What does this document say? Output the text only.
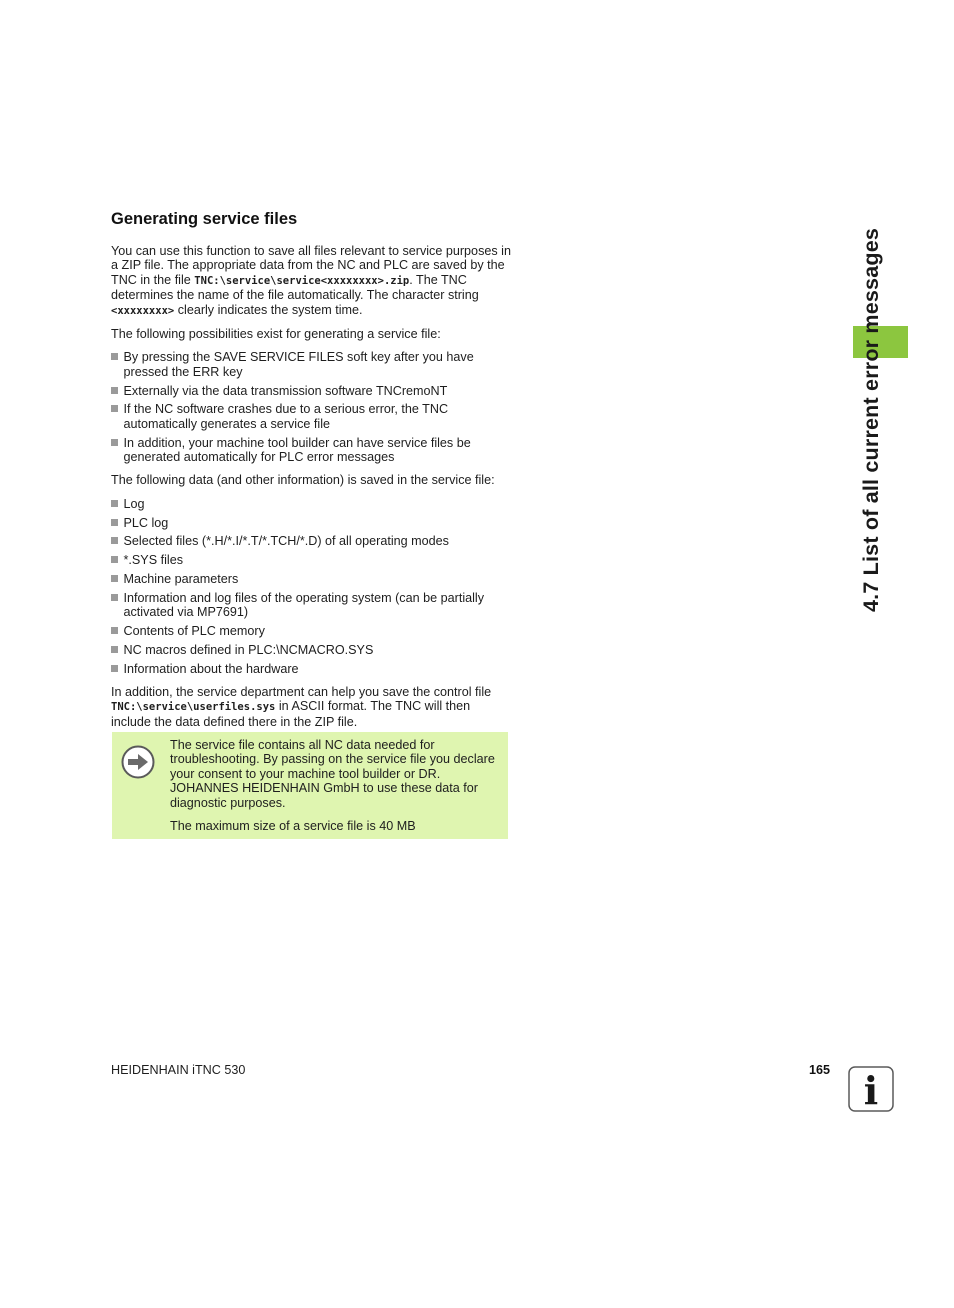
4.7 List of all current error messages
Generating service files

You can use this function to save all files relevant to service purposes in a ZIP file. The appropriate data from the NC and PLC are saved by the TNC in the file TNC:\service\service<xxxxxxxx>.zip. The TNC determines the name of the file automatically. The character string <xxxxxxxx> clearly indicates the system time.

The following possibilities exist for generating a service file:

By pressing the SAVE SERVICE FILES soft key after you have pressed the ERR key
Externally via the data transmission software TNCremoNT
If the NC software crashes due to a serious error, the TNC automatically generates a service file
In addition, your machine tool builder can have service files be generated automatically for PLC error messages

The following data (and other information) is saved in the service file:

Log
PLC log
Selected files (*.H/*.I/*.T/*.TCH/*.D) of all operating modes
*.SYS files
Machine parameters
Information and log files of the operating system (can be partially activated via MP7691)
Contents of PLC memory
NC macros defined in PLC:\NCMACRO.SYS
Information about the hardware

In addition, the service department can help you save the control file TNC:\service\userfiles.sys in ASCII format. The TNC will then include the data defined there in the ZIP file.

The service file contains all NC data needed for troubleshooting. By passing on the service file you declare your consent to your machine tool builder or DR. JOHANNES HEIDENHAIN GmbH to use these data for diagnostic purposes.

The maximum size of a service file is 40 MB

HEIDENHAIN iTNC 530	165 i
